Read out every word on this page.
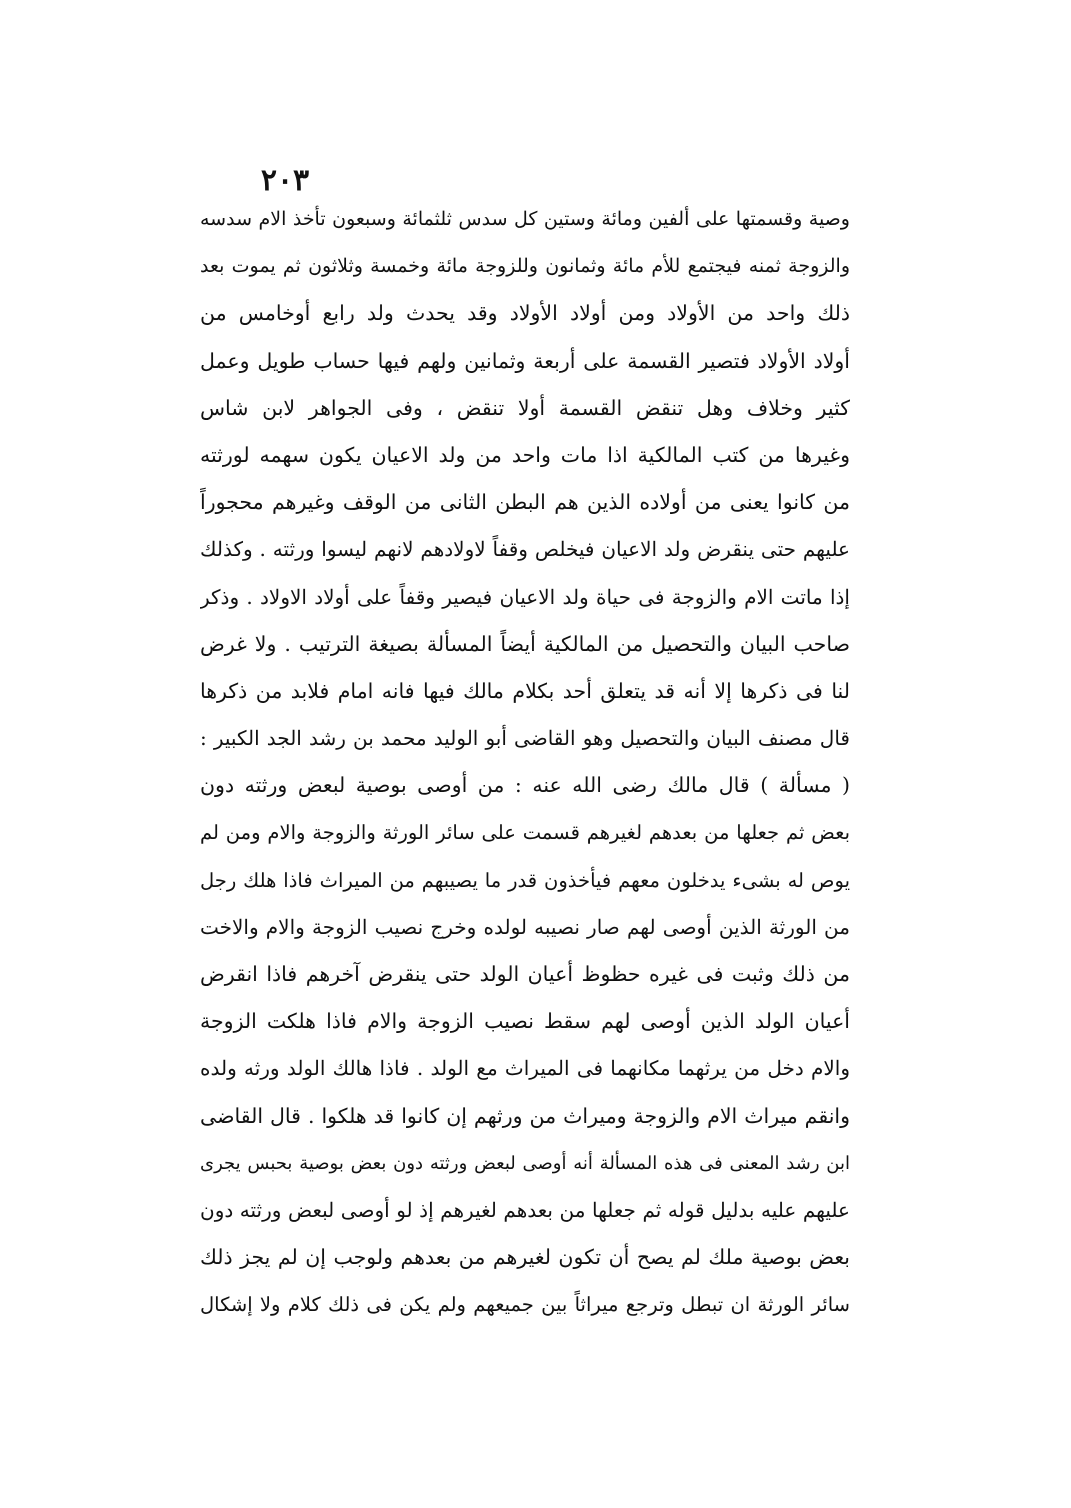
٢٠٣
وصية وقسمتها على ألفين ومائة وستين كل سدس ثلثمائة وسبعون تأخذ الام سدسه
والزوجة ثمنه فيجتمع للأم مائة وثمانون وللزوجة مائة وخمسة وثلاثون ثم يموت بعد
ذلك واحد من الأولاد ومن أولاد الأولاد وقد يحدث ولد رابع أوخامس من
أولاد الأولاد فتصير القسمة على أربعة وثمانين ولهم فيها حساب طويل وعمل
كثير وخلاف وهل تنقض القسمة أولا تنقض ، وفى الجواهر لابن شاس
وغيرها من كتب المالكية اذا مات واحد من ولد الاعيان يكون سهمه لورثته
من كانوا يعنى من أولاده الذين هم البطن الثانى من الوقف وغيرهم محجوراً
عليهم حتى ينقرض ولد الاعيان فيخلص وقفاً لاولادهم لانهم ليسوا ورثته . وكذلك
إذا ماتت الام والزوجة فى حياة ولد الاعيان فيصير وقفاً على أولاد الاولاد . وذكر
صاحب البيان والتحصيل من المالكية أيضاً المسألة بصيغة الترتيب . ولا غرض
لنا فى ذكرها إلا أنه قد يتعلق أحد بكلام مالك فيها فانه امام فلابد من ذكرها
قال مصنف البيان والتحصيل وهو القاضى أبو الوليد محمد بن رشد الجد الكبير :
( مسألة ) قال مالك رضى الله عنه : من أوصى بوصية لبعض ورثته دون
بعض ثم جعلها من بعدهم لغيرهم قسمت على سائر الورثة والزوجة والام ومن لم
يوص له بشىء يدخلون معهم فيأخذون قدر ما يصيبهم من الميراث فاذا هلك رجل
من الورثة الذين أوصى لهم صار نصيبه لولده وخرج نصيب الزوجة والام والاخت
من ذلك وثبت فى غيره حظوظ أعيان الولد حتى ينقرض آخرهم فاذا انقرض
أعيان الولد الذين أوصى لهم سقط نصيب الزوجة والام فاذا هلكت الزوجة
والام دخل من يرثهما مكانهما فى الميراث مع الولد . فاذا هالك الولد ورثه ولده
وانقم ميراث الام والزوجة وميراث من ورثهم إن كانوا قد هلكوا . قال القاضى
ابن رشد المعنى فى هذه المسألة أنه أوصى لبعض ورثته دون بعض بوصية بحبس يجرى
عليهم عليه بدليل قوله ثم جعلها من بعدهم لغيرهم إذ لو أوصى لبعض ورثته دون
بعض بوصية ملك لم يصح أن تكون لغيرهم من بعدهم ولوجب إن لم يجز ذلك
سائر الورثة ان تبطل وترجع ميراثاً بين جميعهم ولم يكن فى ذلك كلام ولا إشكال
